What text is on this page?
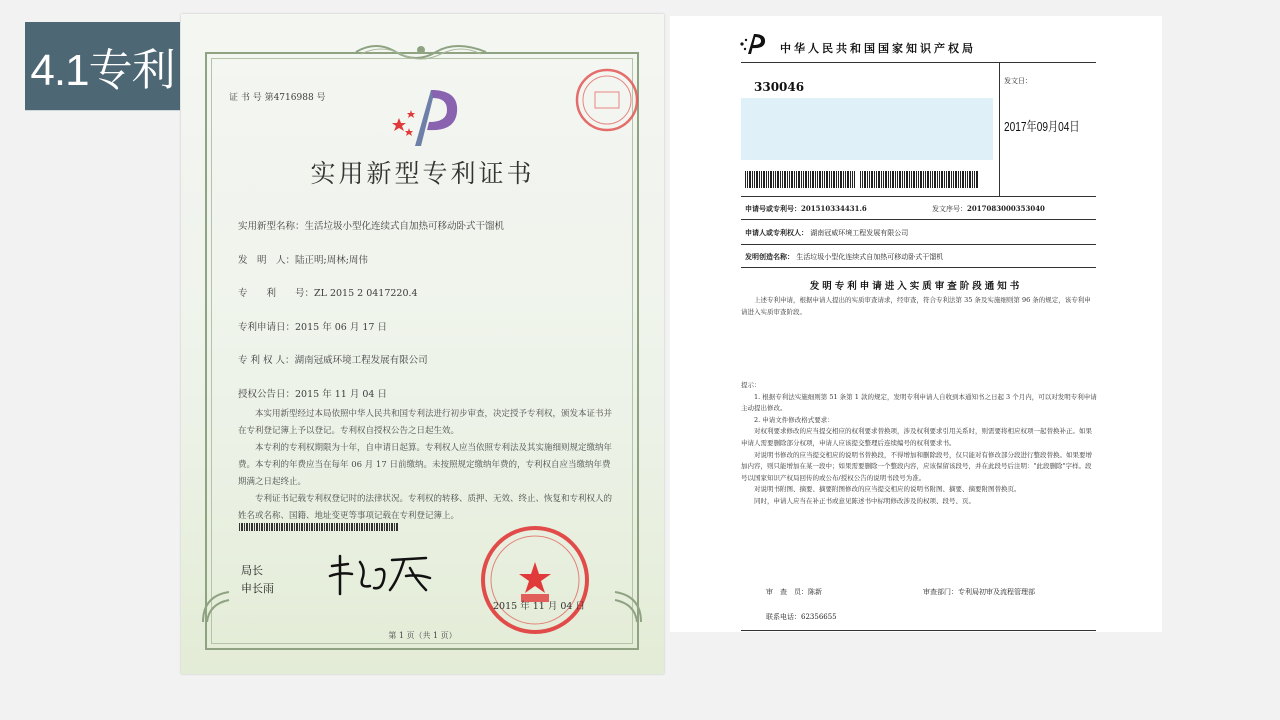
4.1专利
证 书 号 第4716988 号
实用新型专利证书
实用新型名称：生活垃圾小型化连续式自加热可移动卧式干馏机
发　明　人：陆正明;周林;周伟
专　　利　　号：ZL 2015 2 0417220.4
专利申请日：2015 年 06 月 17 日
专 利 权 人：湖南冠威环境工程发展有限公司
授权公告日：2015 年 11 月 04 日

本实用新型经过本局依照中华人民共和国专利法进行初步审查，决定授予专利权，颁发本证书并在专利登记簿上予以登记。专利权自授权公告之日起生效。

本专利的专利权期限为十年，自申请日起算。专利权人应当依照专利法及其实施细则规定缴纳年费。本专利的年费应当在每年 06 月 17 日前缴纳。未按照规定缴纳年费的，专利权自应当缴纳年费期满之日起终止。

专利证书记载专利权登记时的法律状况。专利权的转移、质押、无效、终止、恢复和专利权人的姓名或名称、国籍、地址变更等事项记载在专利登记簿上。

局长
申长雨
2015 年 11 月 04 日
第 1 页（共 1 页）
中华人民共和国国家知识产权局
330046	发文日：
2017年09月04日
申请号或专利号：201510334431.6	发文序号：2017083000353040
申请人或专利权人： 湖南冠威环境工程发展有限公司
发明创造名称： 生活垃圾小型化连续式自加热可移动卧式干馏机
发明专利申请进入实质审查阶段通知书

上述专利申请，根据申请人提出的实质审查请求，经审查，符合专利法第 35 条及实施细则第 96 条的规定，该专利申请进入实质审查阶段。

提示：

1. 根据专利法实施细则第 51 条第 1 款的规定，发明专利申请人自收到本通知书之日起 3 个月内，可以对发明专利申请主动提出修改。

2. 申请文件修改格式要求：

对权利要求修改的应当提交相应的权利要求替换项，涉及权利要求引用关系时，则需要将相应权项一起替换补正。如果申请人需要删除部分权项，申请人应该提交整理后连续编号的权利要求书。

对说明书修改的应当提交相应的说明书替换段，不得增加和删除段号，仅只能对有修改部分段进行整段替换。如果要增加内容，则只能增加在某一段中；如果需要删除一个整段内容，应该保留该段号，并在此段号后注明："此段删除"字样。段号以国家知识产权局回传的或公布/授权公告的说明书段号为准。

对说明书附图、摘要、摘要附图修改的应当提交相应的说明书附图、摘要、摘要附图替换页。

同时，申请人应当在补正书或意见陈述书中标明修改涉及的权项、段号、页。

审　查　员：陈新	审查部门：专利局初审及流程管理部
联系电话：62356655
